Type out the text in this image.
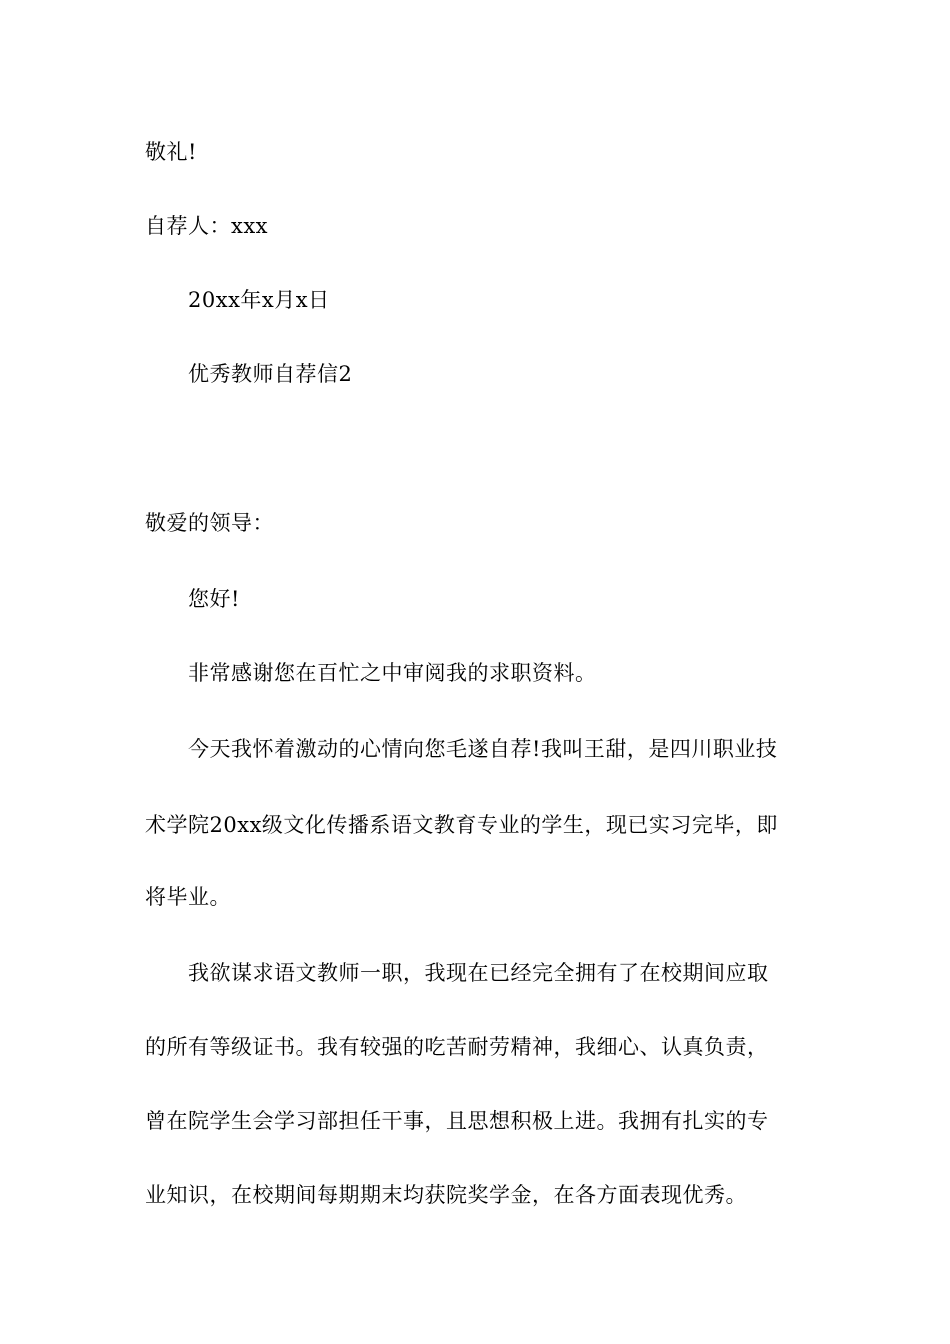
敬礼!
自荐人：xxx
20xx年x月x日
优秀教师自荐信2
敬爱的领导：
您好!
非常感谢您在百忙之中审阅我的求职资料。
今天我怀着激动的心情向您毛遂自荐!我叫王甜，是四川职业技
术学院20xx级文化传播系语文教育专业的学生，现已实习完毕，即
将毕业。
我欲谋求语文教师一职，我现在已经完全拥有了在校期间应取
的所有等级证书。我有较强的吃苦耐劳精神，我细心、认真负责，
曾在院学生会学习部担任干事，且思想积极上进。我拥有扎实的专
业知识，在校期间每期期末均获院奖学金，在各方面表现优秀。
